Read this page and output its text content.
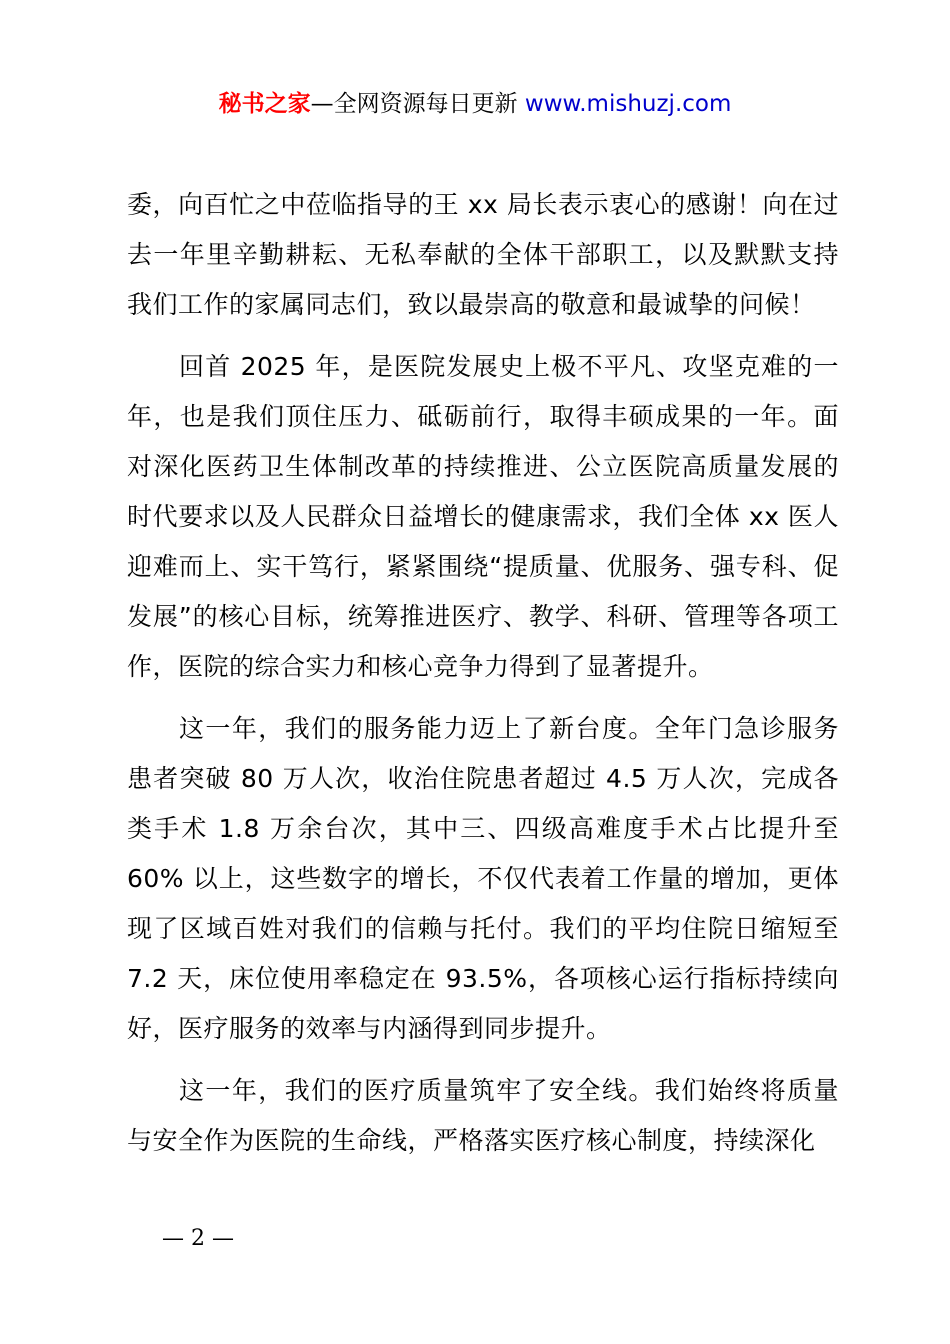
秘书之家—全网资源每日更新 www.mishuzj.com

委，向百忙之中莅临指导的王 xx 局长表示衷心的感谢！向在过去一年里辛勤耕耘、无私奉献的全体干部职工，以及默默支持我们工作的家属同志们，致以最崇高的敬意和最诚挚的问候！

回首 2025 年，是医院发展史上极不平凡、攻坚克难的一年，也是我们顶住压力、砥砺前行，取得丰硕成果的一年。面对深化医药卫生体制改革的持续推进、公立医院高质量发展的时代要求以及人民群众日益增长的健康需求，我们全体 xx 医人迎难而上、实干笃行，紧紧围绕“提质量、优服务、强专科、促发展”的核心目标，统筹推进医疗、教学、科研、管理等各项工作，医院的综合实力和核心竞争力得到了显著提升。

这一年，我们的服务能力迈上了新台度。全年门急诊服务患者突破 80 万人次，收治住院患者超过 4.5 万人次，完成各类手术 1.8 万余台次，其中三、四级高难度手术占比提升至 60% 以上，这些数字的增长，不仅代表着工作量的增加，更体现了区域百姓对我们的信赖与托付。我们的平均住院日缩短至 7.2 天，床位使用率稳定在 93.5%，各项核心运行指标持续向好，医疗服务的效率与内涵得到同步提升。

这一年，我们的医疗质量筑牢了安全线。我们始终将质量与安全作为医院的生命线，严格落实医疗核心制度，持续深化

— 2 —
